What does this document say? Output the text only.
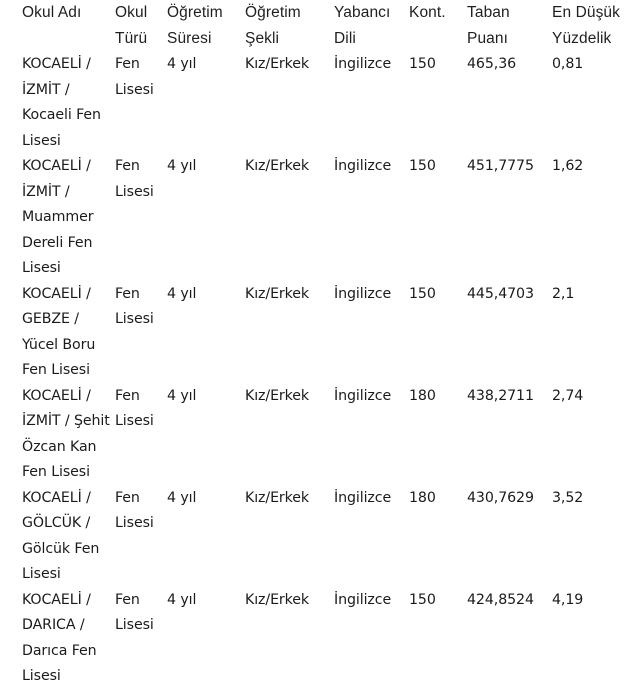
Okul Adı	Okul Türü	Öğretim Süresi	Öğretim Şekli	Yabancı Dili	Kont.	Taban Puanı	En Düşük Yüzdelik
KOCAELİ / İZMİT / Kocaeli Fen Lisesi	Fen Lisesi	4 yıl	Kız/Erkek	İngilizce	150	465,36	0,81
KOCAELİ / İZMİT / Muammer Dereli Fen Lisesi	Fen Lisesi	4 yıl	Kız/Erkek	İngilizce	150	451,7775	1,62
KOCAELİ / GEBZE / Yücel Boru Fen Lisesi	Fen Lisesi	4 yıl	Kız/Erkek	İngilizce	150	445,4703	2,1
KOCAELİ / İZMİT / Şehit Özcan Kan Fen Lisesi	Fen Lisesi	4 yıl	Kız/Erkek	İngilizce	180	438,2711	2,74
KOCAELİ / GÖLCÜK / Gölcük Fen Lisesi	Fen Lisesi	4 yıl	Kız/Erkek	İngilizce	180	430,7629	3,52
KOCAELİ / DARICA / Darıca Fen Lisesi	Fen Lisesi	4 yıl	Kız/Erkek	İngilizce	150	424,8524	4,19
